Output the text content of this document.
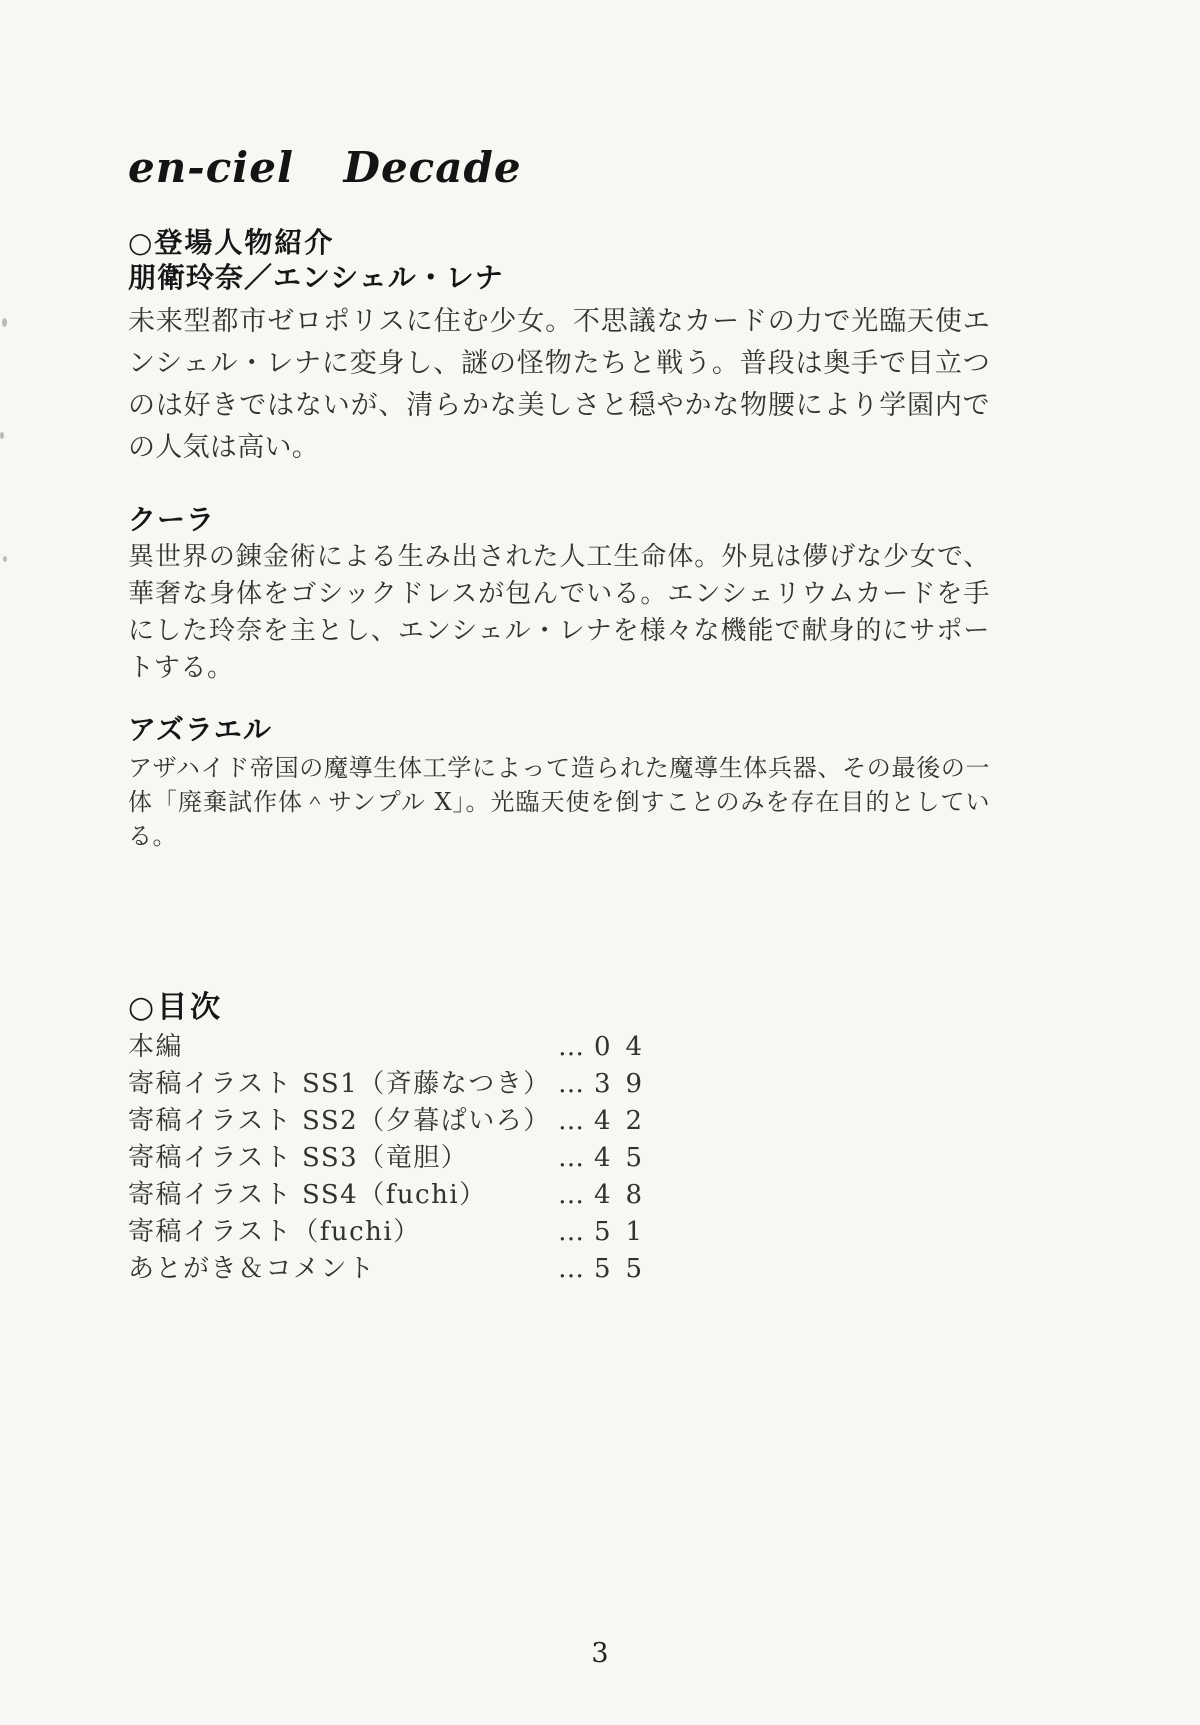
en-ciel Decade
○登場人物紹介
朋衛玲奈／エンシェル・レナ

未来型都市ゼロポリスに住む少女。不思議なカードの力で光臨天使エンシェル・レナに変身し、謎の怪物たちと戦う。普段は奥手で目立つのは好きではないが、清らかな美しさと穏やかな物腰により学園内での人気は高い。

クーラ

異世界の錬金術による生み出された人工生命体。外見は儚げな少女で、華奢な身体をゴシックドレスが包んでいる。エンシェリウムカードを手にした玲奈を主とし、エンシェル・レナを様々な機能で献身的にサポートする。

アズラエル

アザハイド帝国の魔導生体工学によって造られた魔導生体兵器、その最後の一体「廃棄試作体＾サンプル X」。光臨天使を倒すことのみを存在目的としている。

○目次
本編	… 04
寄稿イラスト SS1（斉藤なつき） … 39
寄稿イラスト SS2（夕暮ぱいろ） … 42
寄稿イラスト SS3（竜胆）	… 45
寄稿イラスト SS4（fuchi）	… 48
寄稿イラスト（fuchi）	… 51
あとがき＆コメント	… 55
3
